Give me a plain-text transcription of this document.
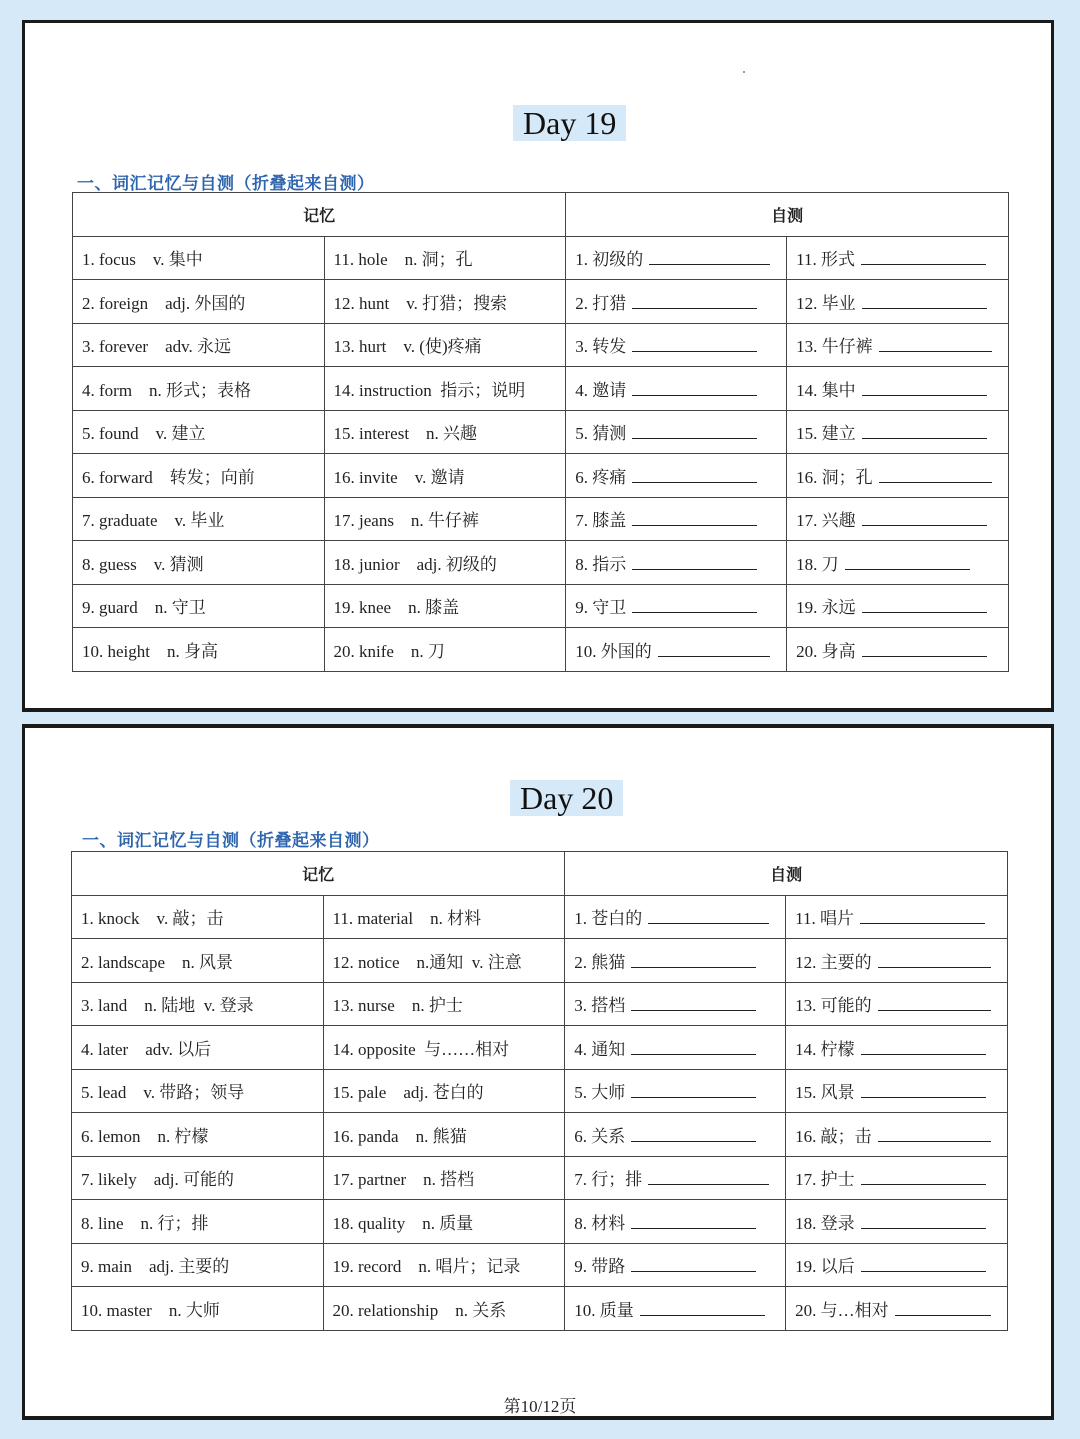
Day 19
一、词汇记忆与自测（折叠起来自测）
记忆		自测	
1. focus    v. 集中	11. hole    n. 洞；孔	1. 初级的	11. 形式
2. foreign    adj. 外国的	12. hunt    v. 打猎；搜索	2. 打猎	12. 毕业
3. forever    adv. 永远	13. hurt    v. (使)疼痛	3. 转发	13. 牛仔裤
4. form    n. 形式；表格	14. instruction  指示；说明	4. 邀请	14. 集中
5. found    v. 建立	15. interest    n. 兴趣	5. 猜测	15. 建立
6. forward    转发；向前	16. invite    v. 邀请	6. 疼痛	16. 洞；孔
7. graduate    v. 毕业	17. jeans    n. 牛仔裤	7. 膝盖	17. 兴趣
8. guess    v. 猜测	18. junior    adj. 初级的	8. 指示	18. 刀
9. guard    n. 守卫	19. knee    n. 膝盖	9. 守卫	19. 永远
10. height    n. 身高	20. knife    n. 刀	10. 外国的	20. 身高
Day 20
一、词汇记忆与自测（折叠起来自测）
记忆		自测	
1. knock    v. 敲；击	11. material    n. 材料	1. 苍白的	11. 唱片
2. landscape    n. 风景	12. notice    n.通知  v. 注意	2. 熊猫	12. 主要的
3. land    n. 陆地  v. 登录	13. nurse    n. 护士	3. 搭档	13. 可能的
4. later    adv. 以后	14. opposite  与……相对	4. 通知	14. 柠檬
5. lead    v. 带路；领导	15. pale    adj. 苍白的	5. 大师	15. 风景
6. lemon    n. 柠檬	16. panda    n. 熊猫	6. 关系	16. 敲；击
7. likely    adj. 可能的	17. partner    n. 搭档	7. 行；排	17. 护士
8. line    n. 行；排	18. quality    n. 质量	8. 材料	18. 登录
9. main    adj. 主要的	19. record    n. 唱片；记录	9. 带路	19. 以后
10. master    n. 大师	20. relationship    n. 关系	10. 质量	20. 与…相对
第10/12页
